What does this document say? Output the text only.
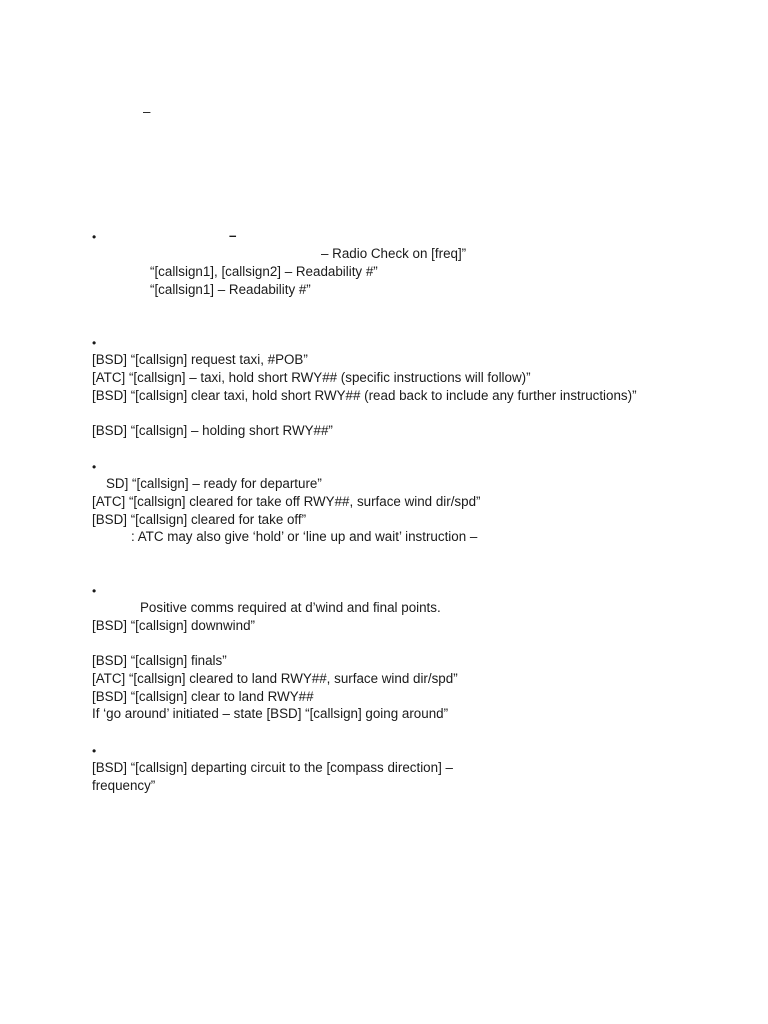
–
•	–
– Radio Check on [freq]”
“[callsign1], [callsign2] – Readability #”
“[callsign1] – Readability #”
•
[BSD] “[callsign] request taxi, #POB”
[ATC] “[callsign] – taxi, hold short RWY## (specific instructions will follow)”
[BSD] “[callsign] clear taxi, hold short RWY## (read back to include any further instructions)”
[BSD] “[callsign] – holding short RWY##”
•
SD] “[callsign] – ready for departure”
[ATC] “[callsign] cleared for take off RWY##, surface wind dir/spd”
[BSD] “[callsign] cleared for take off”
: ATC may also give ‘hold’ or ‘line up and wait’ instruction –
•
Positive comms required at d’wind and final points.
[BSD] “[callsign] downwind”
[BSD] “[callsign] finals”
[ATC] “[callsign] cleared to land RWY##, surface wind dir/spd”
[BSD] “[callsign] clear to land RWY##
If ‘go around’ initiated – state [BSD] “[callsign] going around”
•
[BSD] “[callsign] departing circuit to the [compass direction] –
frequency”
